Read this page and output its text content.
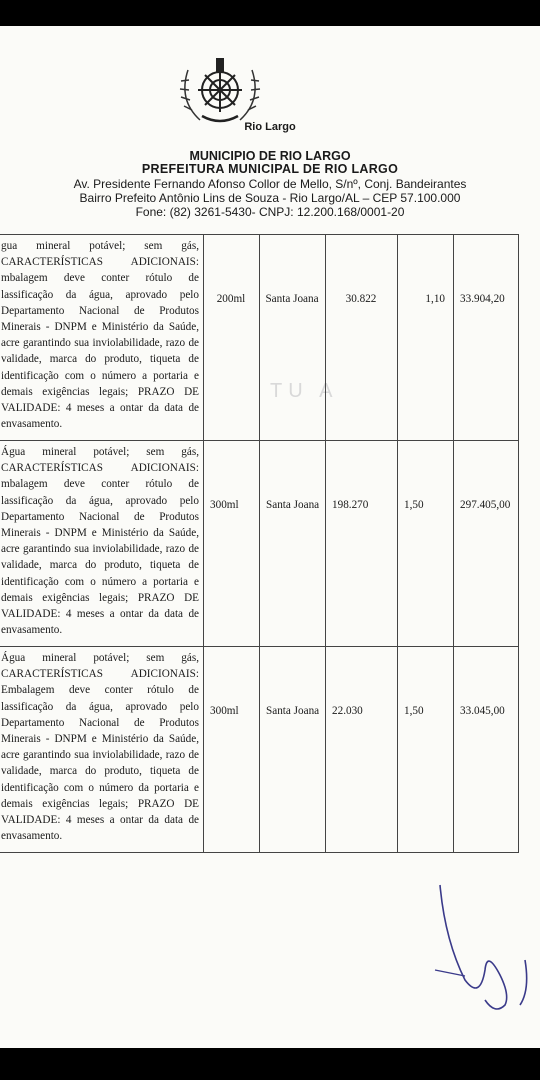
Rio Largo
MUNICIPIO DE RIO LARGO
PREFEITURA MUNICIPAL DE RIO LARGO
Av. Presidente Fernando Afonso Collor de Mello, S/nº, Conj. Bandeirantes
Bairro Prefeito Antônio Lins de Souza - Rio Largo/AL – CEP 57.100.000
Fone: (82) 3261-5430- CNPJ: 12.200.168/0001-20
TU A
gua mineral potável; sem gás, CARACTERÍSTICAS ADICIONAIS: mbalagem deve conter rótulo de lassificação da água, aprovado pelo Departamento Nacional de Produtos Minerais - DNPM e Ministério da Saúde, acre garantindo sua inviolabilidade, razo de validade, marca do produto, tiqueta de identificação com o número a portaria e demais exigências legais; PRAZO DE VALIDADE: 4 meses a ontar da data de envasamento.	200ml	Santa Joana	30.822	1,10	33.904,20
Água mineral potável; sem gás, CARACTERÍSTICAS ADICIONAIS: mbalagem deve conter rótulo de lassificação da água, aprovado pelo Departamento Nacional de Produtos Minerais - DNPM e Ministério da Saúde, acre garantindo sua inviolabilidade, razo de validade, marca do produto, tiqueta de identificação com o número a portaria e demais exigências legais; PRAZO DE VALIDADE: 4 meses a ontar da data de envasamento.	300ml	Santa Joana	198.270	1,50	297.405,00
Água mineral potável; sem gás, CARACTERÍSTICAS ADICIONAIS: Embalagem deve conter rótulo de lassificação da água, aprovado pelo Departamento Nacional de Produtos Minerais - DNPM e Ministério da Saúde, acre garantindo sua inviolabilidade, razo de validade, marca do produto, tiqueta de identificação com o número da portaria e demais exigências legais; PRAZO DE VALIDADE: 4 meses a ontar da data de envasamento.	300ml	Santa Joana	22.030	1,50	33.045,00
